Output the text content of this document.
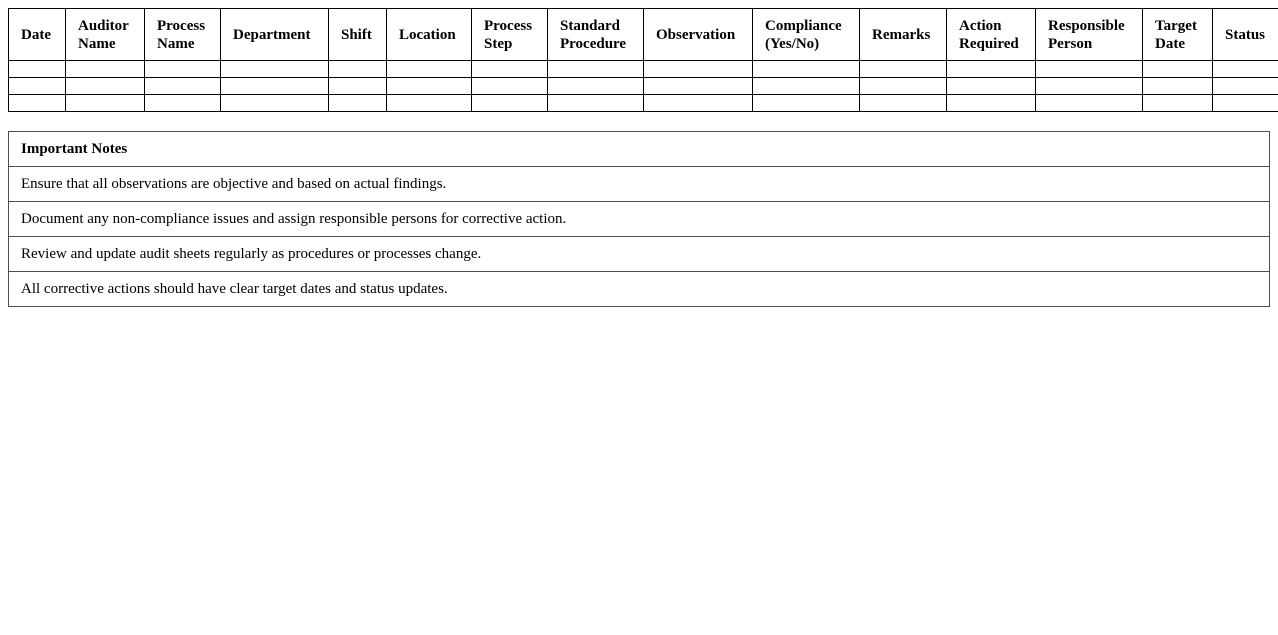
Date	Auditor Name	Process Name	Department	Shift	Location	Process Step	Standard Procedure	Observation	Compliance (Yes/No)	Remarks	Action Required	Responsible Person	Target Date	Status

Important Notes
Ensure that all observations are objective and based on actual findings.
Document any non-compliance issues and assign responsible persons for corrective action.
Review and update audit sheets regularly as procedures or processes change.
All corrective actions should have clear target dates and status updates.
